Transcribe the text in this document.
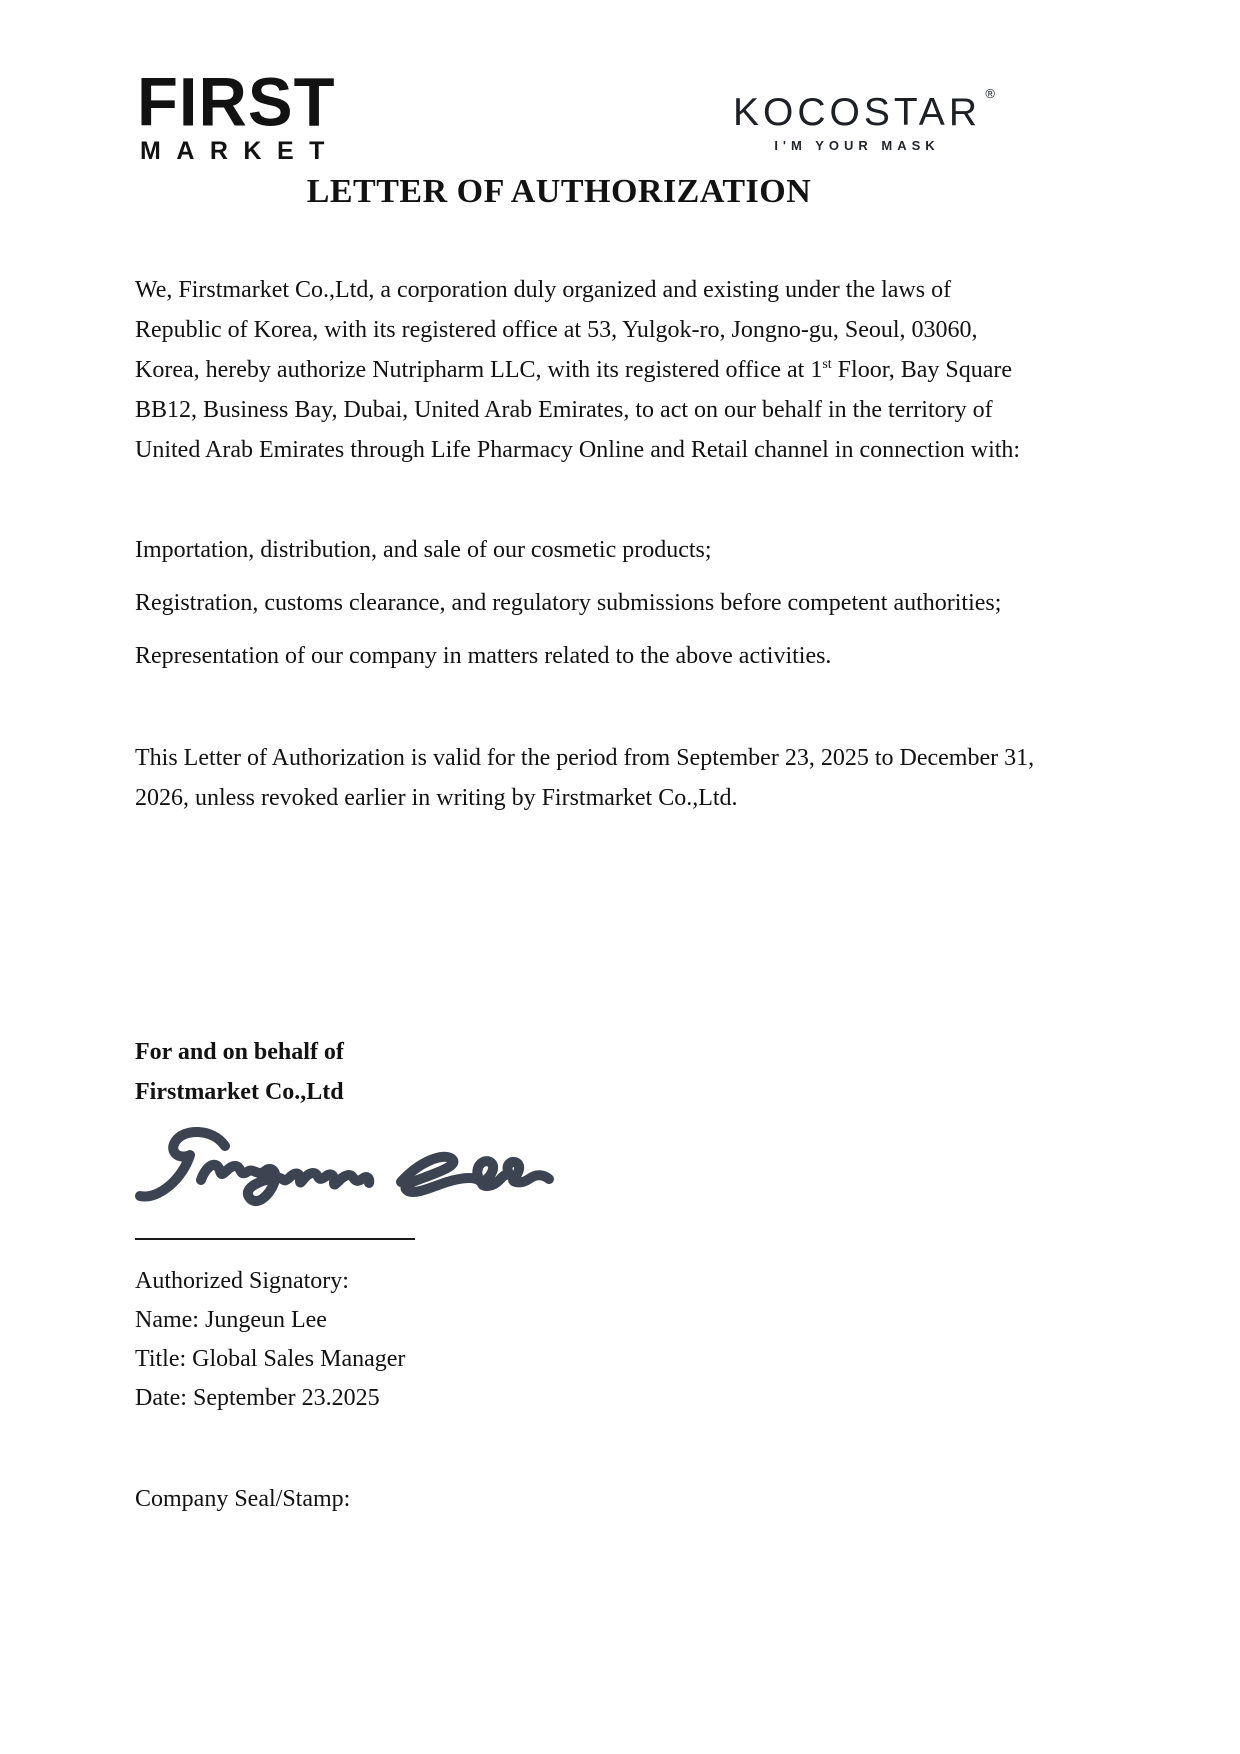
FIRST
MARKET
KOCOSTAR ®
I'M YOUR MASK
LETTER OF AUTHORIZATION
We, Firstmarket Co.,Ltd, a corporation duly organized and existing under the laws of
Republic of Korea, with its registered office at 53, Yulgok-ro, Jongno-gu, Seoul, 03060,
Korea, hereby authorize Nutripharm LLC, with its registered office at 1st Floor, Bay Square
BB12, Business Bay, Dubai, United Arab Emirates, to act on our behalf in the territory of
United Arab Emirates through Life Pharmacy Online and Retail channel in connection with:
Importation, distribution, and sale of our cosmetic products;
Registration, customs clearance, and regulatory submissions before competent authorities;
Representation of our company in matters related to the above activities.
This Letter of Authorization is valid for the period from September 23, 2025 to December 31,
2026, unless revoked earlier in writing by Firstmarket Co.,Ltd.
For and on behalf of
Firstmarket Co.,Ltd
Authorized Signatory:
Name: Jungeun Lee
Title: Global Sales Manager
Date: September 23.2025
Company Seal/Stamp:
